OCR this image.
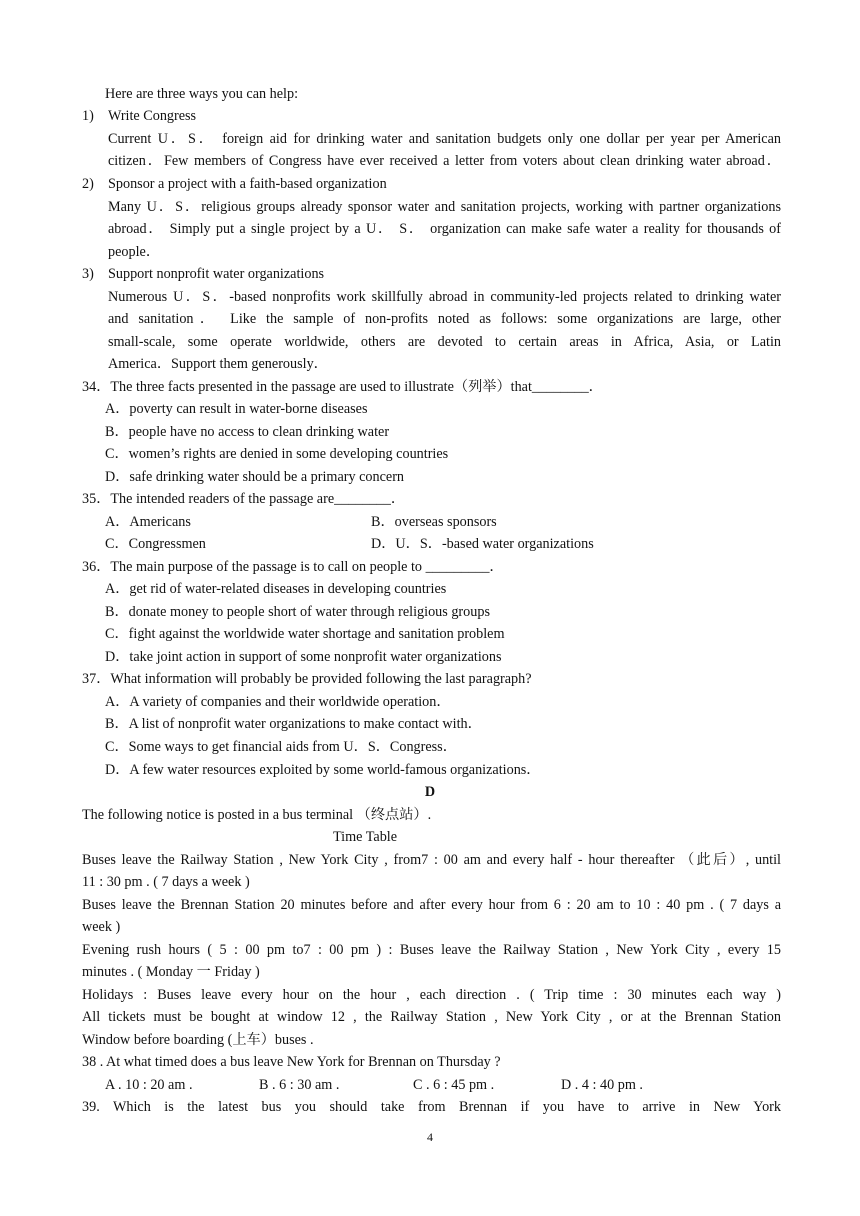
Here are three ways you can help:
1) Write Congress
Current U．S． foreign aid for drinking water and sanitation budgets only one dollar per year per American
citizen．Few members of Congress have ever received a letter from voters about clean drinking water abroad．
2) Sponsor a project with a faith-based organization
Many U．S．religious groups already sponsor water and sanitation projects, working with partner organizations
abroad． Simply put a single project by a U． S． organization can make safe water a reality for thousands of
people．
3) Support nonprofit water organizations
Numerous U．S．-based nonprofits work skillfully abroad in community-led projects related to drinking water
and sanitation． Like the sample of non-profits noted as follows: some organizations are large, other
small-scale, some operate worldwide, others are devoted to certain areas in Africa, Asia, or Latin
America．Support them generously．
34．The three facts presented in the passage are used to illustrate（列举）that________．
A．poverty can result in water-borne diseases
B．people have no access to clean drinking water
C．women’s rights are denied in some developing countries
D．safe drinking water should be a primary concern
35．The intended readers of the passage are________．
A．Americans	B．overseas sponsors
C．Congressmen	D．U．S．-based water organizations
36．The main purpose of the passage is to call on people to _________．
A．get rid of water-related diseases in developing countries
B．donate money to people short of water through religious groups
C．fight against the worldwide water shortage and sanitation problem
D．take joint action in support of some nonprofit water organizations
37．What information will probably be provided following the last paragraph?
A．A variety of companies and their worldwide operation．
B．A list of nonprofit water organizations to make contact with．
C．Some ways to get financial aids from U．S．Congress．
D．A few water resources exploited by some world-famous organizations．
D
The following notice is posted in a bus terminal （终点站）.
Time Table
Buses leave the Railway Station , New York City , from7 : 00 am and every half - hour thereafter （此后）, until
11 : 30 pm . ( 7 days a week )
Buses leave the Brennan Station 20 minutes before and after every hour from 6 : 20 am to 10 : 40 pm . ( 7 days a
week )
Evening rush hours ( 5 : 00 pm to7 : 00 pm ) : Buses leave the Railway Station , New York City , every 15
minutes . ( Monday 一 Friday )
Holidays : Buses leave every hour on the hour , each direction . ( Trip time : 30 minutes each way )
All tickets must be bought at window 12 , the Railway Station , New York City , or at the Brennan Station
Window before boarding (上车）buses .
38 . At what timed does a bus leave New York for Brennan on Thursday ?
A . 10 : 20 am .	B . 6 : 30 am .	C . 6 : 45 pm .	D . 4 : 40 pm .
39. Which is the latest bus you should take from Brennan if you have to arrive in New York
4
